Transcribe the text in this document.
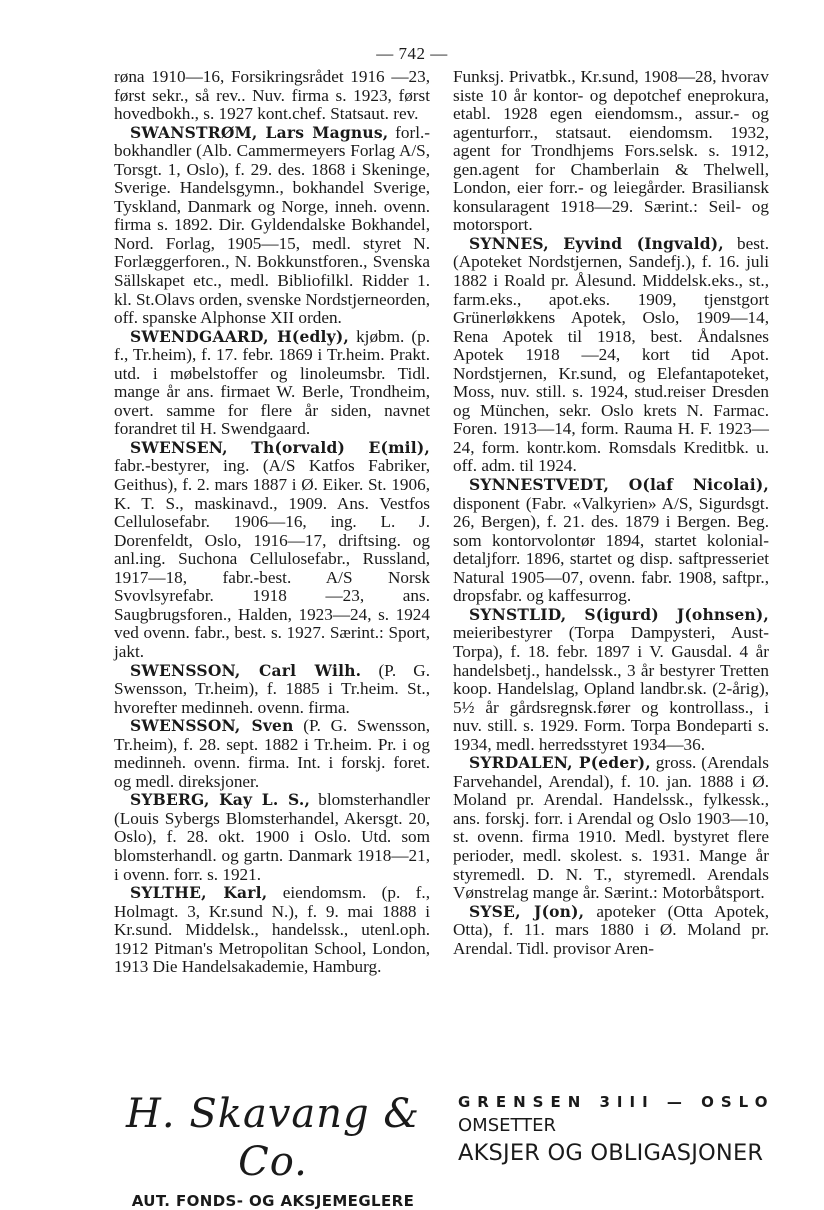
— 742 —

røna 1910—16, Forsikringsrådet 1916 —23, først sekr., så rev.. Nuv. firma s. 1923, først hovedbokh., s. 1927 kont.chef. Statsaut. rev.

SWANSTRØM, Lars Magnus, forl.-bokhandler (Alb. Cammermeyers Forlag A/S, Torsgt. 1, Oslo), f. 29. des. 1868 i Skeninge, Sverige. Handelsgymn., bokhandel Sverige, Tyskland, Danmark og Norge, inneh. ovenn. firma s. 1892. Dir. Gyldendalske Bokhandel, Nord. Forlag, 1905—15, medl. styret N. Forlæggerforen., N. Bokkunstforen., Svenska Sällskapet etc., medl. Bibliofilkl. Ridder 1. kl. St.Olavs orden, svenske Nordstjerneorden, off. spanske Alphonse XII orden.

SWENDGAARD, H(edly), kjøbm. (p. f., Tr.heim), f. 17. febr. 1869 i Tr.heim. Prakt. utd. i møbelstoffer og linoleumsbr. Tidl. mange år ans. firmaet W. Berle, Trondheim, overt. samme for flere år siden, navnet forandret til H. Swendgaard.

SWENSEN, Th(orvald) E(mil), fabr.-bestyrer, ing. (A/S Katfos Fabriker, Geithus), f. 2. mars 1887 i Ø. Eiker. St. 1906, K. T. S., maskinavd., 1909. Ans. Vestfos Cellulosefabr. 1906—16, ing. L. J. Dorenfeldt, Oslo, 1916—17, driftsing. og anl.ing. Suchona Cellulosefabr., Russland, 1917—18, fabr.-best. A/S Norsk Svovlsyrefabr. 1918 —23, ans. Saugbrugsforen., Halden, 1923—24, s. 1924 ved ovenn. fabr., best. s. 1927. Særint.: Sport, jakt.

SWENSSON, Carl Wilh. (P. G. Swensson, Tr.heim), f. 1885 i Tr.heim. St., hvorefter medinneh. ovenn. firma.

SWENSSON, Sven (P. G. Swensson, Tr.heim), f. 28. sept. 1882 i Tr.heim. Pr. i og medinneh. ovenn. firma. Int. i forskj. foret. og medl. direksjoner.

SYBERG, Kay L. S., blomsterhandler (Louis Sybergs Blomsterhandel, Akersgt. 20, Oslo), f. 28. okt. 1900 i Oslo. Utd. som blomsterhandl. og gartn. Danmark 1918—21, i ovenn. forr. s. 1921.

SYLTHE, Karl, eiendomsm. (p. f., Holmagt. 3, Kr.sund N.), f. 9. mai 1888 i Kr.sund. Middelsk., handelssk., utenl.oph. 1912 Pitman's Metropolitan School, London, 1913 Die Handelsakademie, Hamburg.

Funksj. Privatbk., Kr.sund, 1908—28, hvorav siste 10 år kontor- og depotchef eneprokura, etabl. 1928 egen eiendomsm., assur.- og agenturforr., statsaut. eiendomsm. 1932, agent for Trondhjems Fors.selsk. s. 1912, gen.agent for Chamberlain & Thelwell, London, eier forr.- og leiegårder. Brasiliansk konsularagent 1918—29. Særint.: Seil- og motorsport.

SYNNES, Eyvind (Ingvald), best. (Apoteket Nordstjernen, Sandefj.), f. 16. juli 1882 i Roald pr. Ålesund. Middelsk.eks., st., farm.eks., apot.eks. 1909, tjenstgort Grünerløkkens Apotek, Oslo, 1909—14, Rena Apotek til 1918, best. Åndalsnes Apotek 1918 —24, kort tid Apot. Nordstjernen, Kr.sund, og Elefantapoteket, Moss, nuv. still. s. 1924, stud.reiser Dresden og München, sekr. Oslo krets N. Farmac. Foren. 1913—14, form. Rauma H. F. 1923—24, form. kontr.kom. Romsdals Kreditbk. u. off. adm. til 1924.

SYNNESTVEDT, O(laf Nicolai), disponent (Fabr. «Valkyrien» A/S, Sigurdsgt. 26, Bergen), f. 21. des. 1879 i Bergen. Beg. som kontorvolontør 1894, startet kolonial- detaljforr. 1896, startet og disp. saftpresseriet Natural 1905—07, ovenn. fabr. 1908, saftpr., dropsfabr. og kaffesurrog.

SYNSTLID, S(igurd) J(ohnsen), meieribestyrer (Torpa Dampysteri, Aust-Torpa), f. 18. febr. 1897 i V. Gausdal. 4 år handelsbetj., handelssk., 3 år bestyrer Tretten koop. Handelslag, Opland landbr.sk. (2-årig), 5½ år gårdsregnsk.fører og kontrollass., i nuv. still. s. 1929. Form. Torpa Bondeparti s. 1934, medl. herredsstyret 1934—36.

SYRDALEN, P(eder), gross. (Arendals Farvehandel, Arendal), f. 10. jan. 1888 i Ø. Moland pr. Arendal. Handelssk., fylkessk., ans. forskj. forr. i Arendal og Oslo 1903—10, st. ovenn. firma 1910. Medl. bystyret flere perioder, medl. skolest. s. 1931. Mange år styremedl. D. N. T., styremedl. Arendals Vønstrelag mange år. Særint.: Motorbåtsport.

SYSE, J(on), apoteker (Otta Apotek, Otta), f. 11. mars 1880 i Ø. Moland pr. Arendal. Tidl. provisor Aren-

H. Skavang & Co.
AUT. FONDS- OG AKSJEMEGLERE
GRENSEN 3III — OSLO
OMSETTER
AKSJER OG OBLIGASJONER
